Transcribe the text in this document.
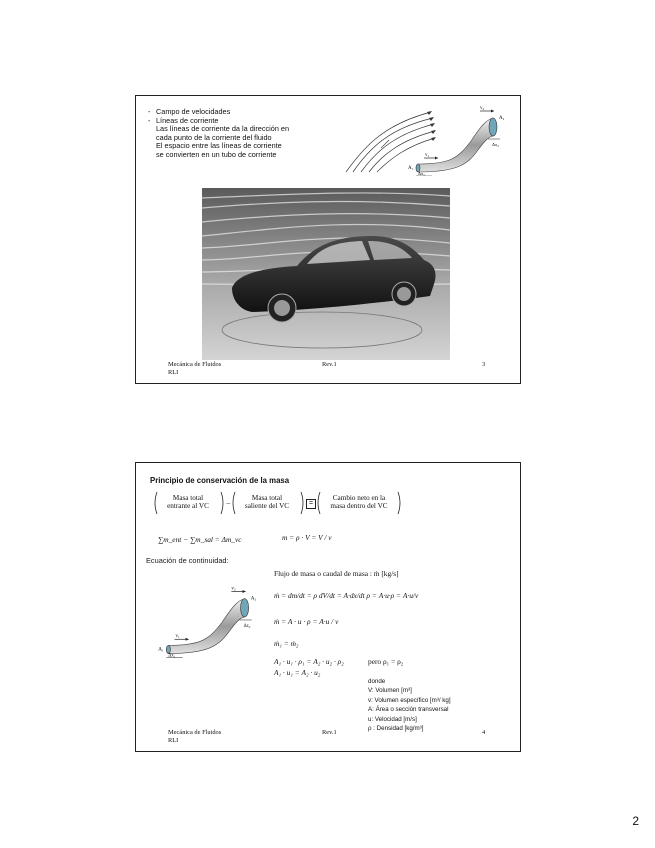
- Campo de velocidades
- Líneas de corriente
Las líneas de corriente da la dirección en
cada punto de la corriente del fluido
El espacio entre las líneas de corriente
se convierten en un tubo de corriente
v₂
A₂
Δx₂
v₁
A₁
Δx₁
Mecánica de Fluidos
RLI
Rev.1	3
Principio de conservación de la masa
Masa total
entrante al VC	−
Masa total
saliente del VC	=
Cambio neto en la
masa dentro del VC
∑m_ent − ∑m_sal = Δm_vc	m = ρ · V = V / v
Ecuación de continuidad:
Flujo de masa o caudal de masa : ṁ [kg/s]
v₂
A₂
Δx₂
v₁
A₁
Δx₁
ṁ = dm/dt = ρ dV/dt = A·dx/dt ρ = A·u·ρ = A·u/v
ṁ = A · u · ρ = A·u / v
ṁ₁ = ṁ₂
A₁ · u₁ · ρ₁ = A₂ · u₂ · ρ₂	pero ρ₁ = ρ₂
A₁ · u₁ = A₂ · u₂
donde
V: Volumen [m³]
v: Volumen específico [m³/ kg]
A: Área o sección transversal
u: Velocidad [m/s]
ρ : Densidad [kg/m³]
Mecánica de Fluidos
RLI
Rev.1	4
2
